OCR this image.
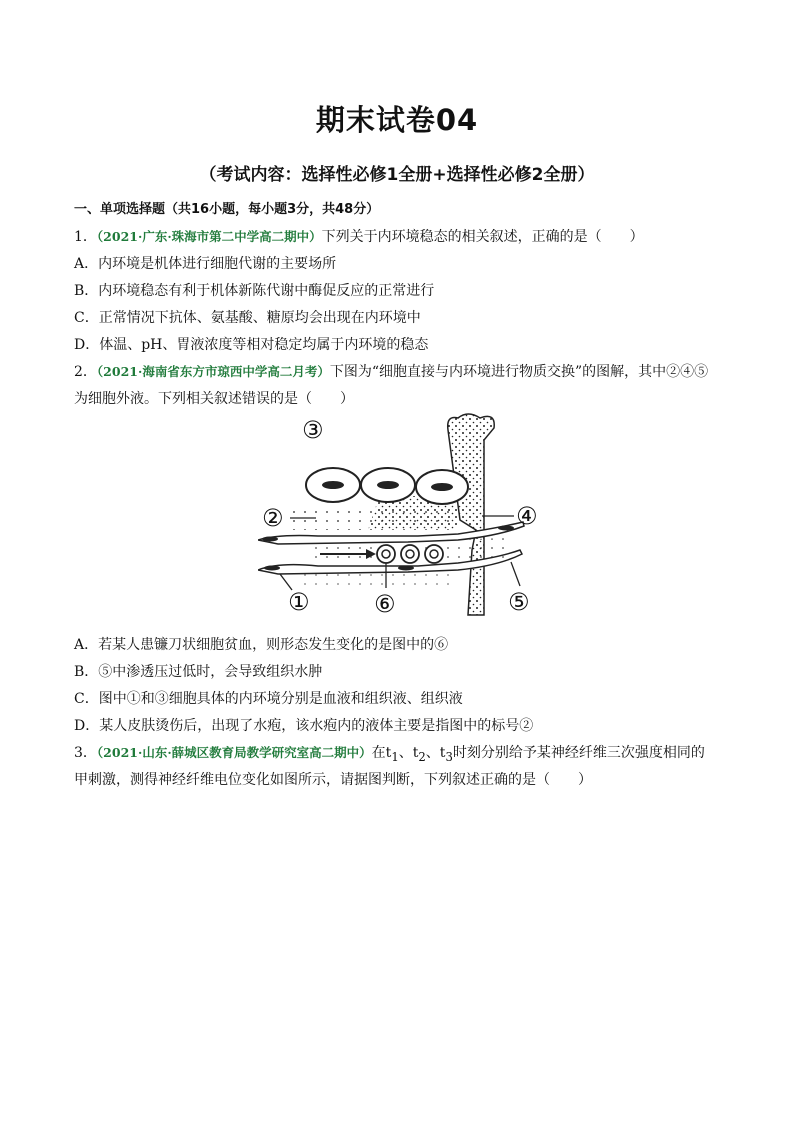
期末试卷04
（考试内容：选择性必修1全册+选择性必修2全册）
一、单项选择题（共16小题，每小题3分，共48分）
1．（2021·广东·珠海市第二中学高二期中）下列关于内环境稳态的相关叙述，正确的是（　　）
A．内环境是机体进行细胞代谢的主要场所
B．内环境稳态有利于机体新陈代谢中酶促反应的正常进行
C．正常情况下抗体、氨基酸、糖原均会出现在内环境中
D．体温、pH、胃液浓度等相对稳定均属于内环境的稳态
2．（2021·海南省东方市琼西中学高二月考）下图为“细胞直接与内环境进行物质交换”的图解，其中②④⑤
为细胞外液。下列相关叙述错误的是（　　）
③
②	④
①	⑥	⑤
A．若某人患镰刀状细胞贫血，则形态发生变化的是图中的⑥
B．⑤中渗透压过低时，会导致组织水肿
C．图中①和③细胞具体的内环境分别是血液和组织液、组织液
D．某人皮肤烫伤后，出现了水疱，该水疱内的液体主要是指图中的标号②
3．（2021·山东·薛城区教育局教学研究室高二期中）在$t_1$、$t_2$、$t_3$时刻分别给予某神经纤维三次强度相同的
甲刺激，测得神经纤维电位变化如图所示，请据图判断，下列叙述正确的是（　　）
